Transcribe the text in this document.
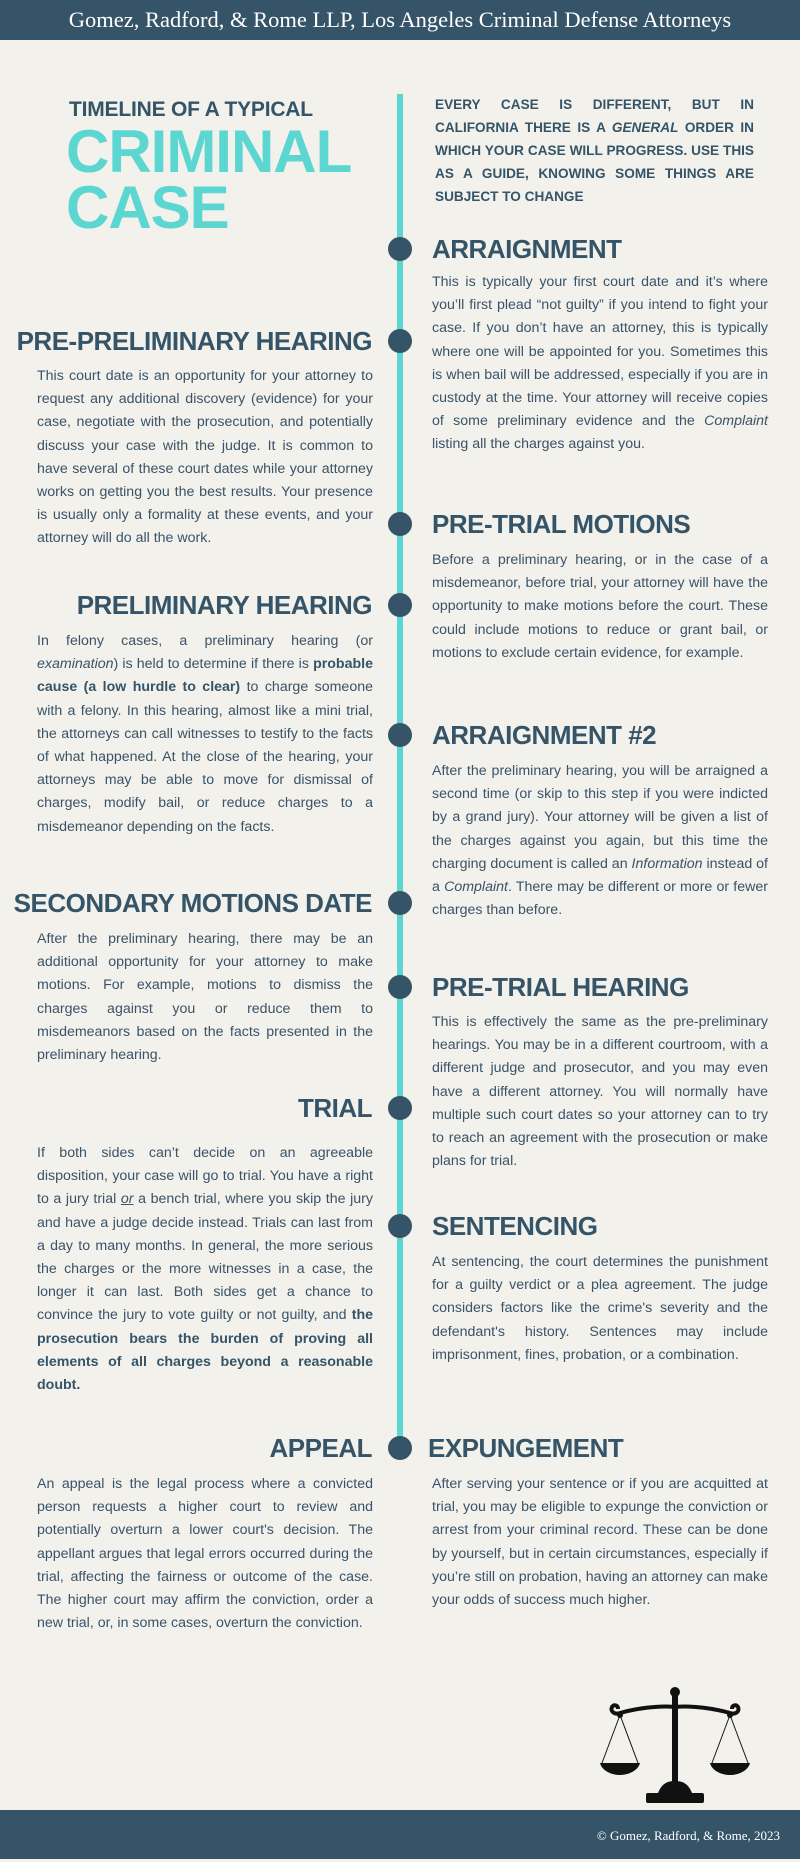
Gomez, Radford, & Rome LLP, Los Angeles Criminal Defense Attorneys
TIMELINE OF A TYPICAL
CRIMINAL
CASE
EVERY CASE IS DIFFERENT, BUT IN CALIFORNIA THERE IS A GENERAL ORDER IN WHICH YOUR CASE WILL PROGRESS. USE THIS AS A GUIDE, KNOWING SOME THINGS ARE SUBJECT TO CHANGE
ARRAIGNMENT
This is typically your first court date and it’s where you’ll first plead “not guilty” if you intend to fight your case. If you don’t have an attorney, this is typically where one will be appointed for you. Sometimes this is when bail will be addressed, especially if you are in custody at the time. Your attorney will receive copies of some preliminary evidence and the Complaint listing all the charges against you.
PRE-PRELIMINARY HEARING
This court date is an opportunity for your attorney to request any additional discovery (evidence) for your case, negotiate with the prosecution, and potentially discuss your case with the judge. It is common to have several of these court dates while your attorney works on getting you the best results. Your presence is usually only a formality at these events, and your attorney will do all the work.	PRE-TRIAL MOTIONS
Before a preliminary hearing, or in the case of a misdemeanor, before trial, your attorney will have the opportunity to make motions before the court. These could include motions to reduce or grant bail, or motions to exclude certain evidence, for example.
PRELIMINARY HEARING
In felony cases, a preliminary hearing (or examination) is held to determine if there is probable cause (a low hurdle to clear) to charge someone with a felony. In this hearing, almost like a mini trial, the attorneys can call witnesses to testify to the facts of what happened. At the close of the hearing, your attorneys may be able to move for dismissal of charges, modify bail, or reduce charges to a misdemeanor depending on the facts.
ARRAIGNMENT #2
After the preliminary hearing, you will be arraigned a second time (or skip to this step if you were indicted by a grand jury). Your attorney will be given a list of the charges against you again, but this time the charging document is called an Information instead of a Complaint. There may be different or more or fewer charges than before.
SECONDARY MOTIONS DATE
After the preliminary hearing, there may be an additional opportunity for your attorney to make motions. For example, motions to dismiss the charges against you or reduce them to misdemeanors based on the facts presented in the preliminary hearing.
PRE-TRIAL HEARING
This is effectively the same as the pre-preliminary hearings. You may be in a different courtroom, with a different judge and prosecutor, and you may even have a different attorney. You will normally have multiple such court dates so your attorney can to try to reach an agreement with the prosecution or make plans for trial.
TRIAL
If both sides can’t decide on an agreeable disposition, your case will go to trial. You have a right to a jury trial or a bench trial, where you skip the jury and have a judge decide instead. Trials can last from a day to many months. In general, the more serious the charges or the more witnesses in a case, the longer it can last. Both sides get a chance to convince the jury to vote guilty or not guilty, and the prosecution bears the burden of proving all elements of all charges beyond a reasonable doubt.
SENTENCING
At sentencing, the court determines the punishment for a guilty verdict or a plea agreement. The judge considers factors like the crime's severity and the defendant's history. Sentences may include imprisonment, fines, probation, or a combination.
APPEAL
An appeal is the legal process where a convicted person requests a higher court to review and potentially overturn a lower court's decision. The appellant argues that legal errors occurred during the trial, affecting the fairness or outcome of the case. The higher court may affirm the conviction, order a new trial, or, in some cases, overturn the conviction.
EXPUNGEMENT
After serving your sentence or if you are acquitted at trial, you may be eligible to expunge the conviction or arrest from your criminal record. These can be done by yourself, but in certain circumstances, especially if you’re still on probation, having an attorney can make your odds of success much higher.
© Gomez, Radford, & Rome, 2023
